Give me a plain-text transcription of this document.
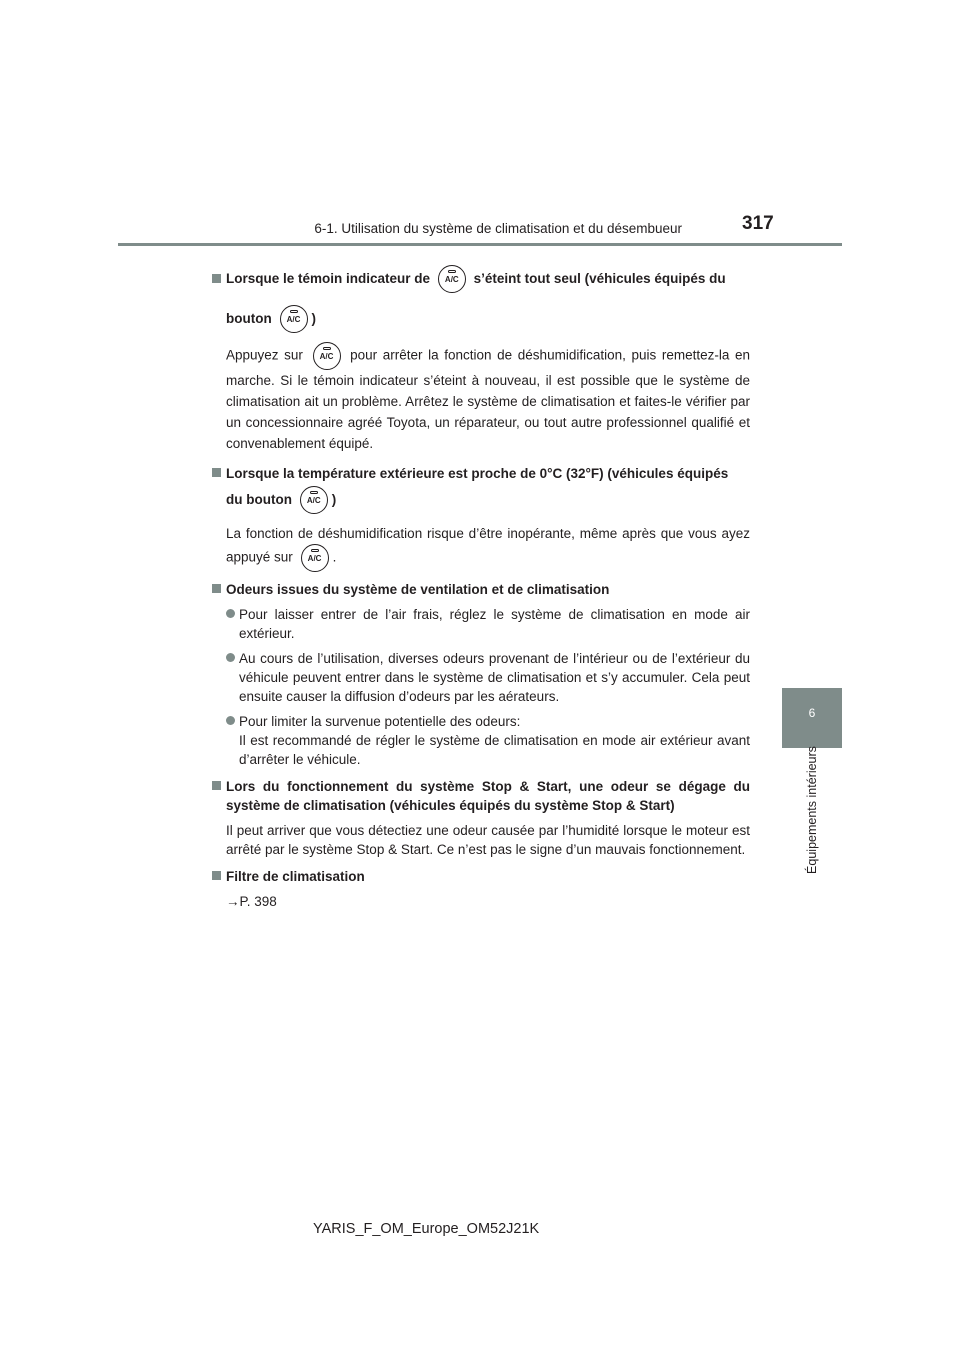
6-1. Utilisation du système de climatisation et du désembueur	317
6
Équipements intérieurs
Lorsque le témoin indicateur de	A/C	s’éteint tout seul (véhicules équipés du
bouton	A/C )
Appuyez sur	A/C	pour arrêter la fonction de déshumidification, puis remettez-la en marche. Si le témoin indicateur s’éteint à nouveau, il est possible que le système de climatisation ait un problème. Arrêtez le système de climatisation et faites-le vérifier par un concessionnaire agréé Toyota, un réparateur, ou tout autre professionnel qualifié et convenablement équipé.
Lorsque la température extérieure est proche de 0°C (32°F) (véhicules équipés
du bouton	A/C )
La fonction de déshumidification risque d’être inopérante, même après que vous ayez appuyé sur	A/C .
Odeurs issues du système de ventilation et de climatisation
Pour laisser entrer de l’air frais, réglez le système de climatisation en mode air extérieur.
Au cours de l’utilisation, diverses odeurs provenant de l’intérieur ou de l’extérieur du véhicule peuvent entrer dans le système de climatisation et s’y accumuler. Cela peut ensuite causer la diffusion d’odeurs par les aérateurs.
Pour limiter la survenue potentielle des odeurs:
Il est recommandé de régler le système de climatisation en mode air extérieur avant d’arrêter le véhicule.
Lors du fonctionnement du système Stop & Start, une odeur se dégage du système de climatisation (véhicules équipés du système Stop & Start)
Il peut arriver que vous détectiez une odeur causée par l’humidité lorsque le moteur est arrêté par le système Stop & Start. Ce n’est pas le signe d’un mauvais fonctionnement.
Filtre de climatisation
→P. 398
YARIS_F_OM_Europe_OM52J21K
